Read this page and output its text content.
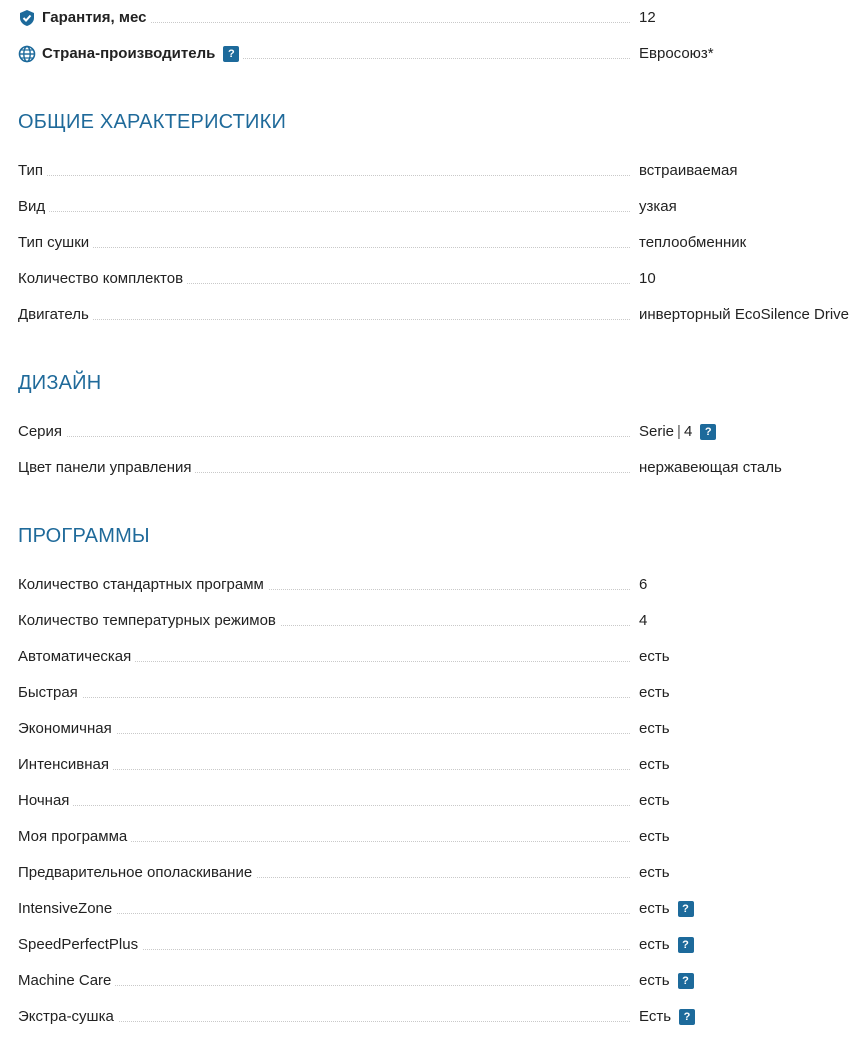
Гарантия, мес	12
Страна-производитель	?	Евросоюз*
ОБЩИЕ ХАРАКТЕРИСТИКИ
Тип	встраиваемая
Вид	узкая
Тип сушки	теплообменник
Количество комплектов	10
Двигатель	инверторный EcoSilence Drive
ДИЗАЙН
Серия	Serie | 4	?
Цвет панели управления	нержавеющая сталь
ПРОГРАММЫ
Количество стандартных программ	6
Количество температурных режимов	4
Автоматическая	есть
Быстрая	есть
Экономичная	есть
Интенсивная	есть
Ночная	есть
Моя программа	есть
Предварительное ополаскивание	есть
IntensiveZone	есть	?
SpeedPerfectPlus	есть	?
Machine Care	есть	?
Экстра-сушка	Есть	?
